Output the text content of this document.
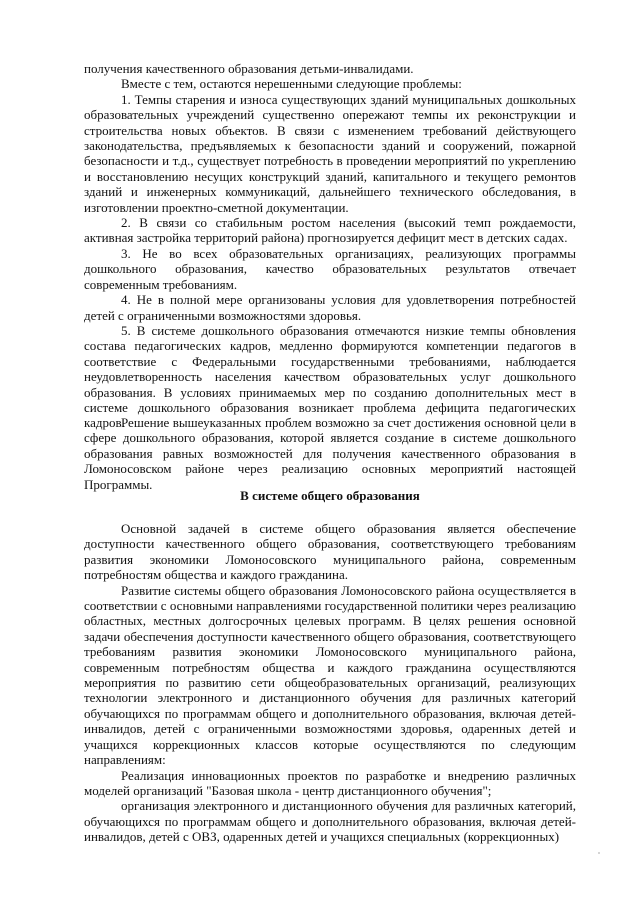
получения качественного образования детьми-инвалидами.

Вместе с тем, остаются нерешенными следующие проблемы:

1. Темпы старения и износа существующих зданий муниципальных дошкольных образовательных учреждений существенно опережают темпы их реконструкции и строительства новых объектов. В связи с изменением требований действующего законодательства, предъявляемых к безопасности зданий и сооружений, пожарной безопасности и т.д., существует потребность в проведении мероприятий по укреплению и восстановлению несущих конструкций зданий, капитального и текущего ремонтов зданий и инженерных коммуникаций, дальнейшего технического обследования, в изготовлении проектно-сметной документации.

2. В связи со стабильным ростом населения (высокий темп рождаемости, активная застройка территорий района) прогнозируется дефицит мест в детских садах.

3. Не во всех образовательных организациях, реализующих программы дошкольного образования, качество образовательных результатов отвечает современным требованиям.

4. Не в полной мере организованы условия для удовлетворения потребностей детей с ограниченными возможностями здоровья.

5. В системе дошкольного образования отмечаются низкие темпы обновления состава педагогических кадров, медленно формируются компетенции педагогов в соответствие с Федеральными государственными требованиями, наблюдается неудовлетворенность населения качеством образовательных услуг дошкольного образования. В условиях принимаемых мер по созданию дополнительных мест в системе дошкольного образования возникает проблема дефицита педагогических кадров.

Решение вышеуказанных проблем возможно за счет достижения основной цели в сфере дошкольного образования, которой является создание в системе дошкольного образования равных возможностей для получения качественного образования в Ломоносовском районе через реализацию основных мероприятий настоящей Программы.

В системе общего образования

Основной задачей в системе общего образования является обеспечение доступности качественного общего образования, соответствующего требованиям развития экономики Ломоносовского муниципального района, современным потребностям общества и каждого гражданина.

Развитие системы общего образования Ломоносовского района осуществляется в соответствии с основными направлениями государственной политики через реализацию областных, местных долгосрочных целевых программ. В целях решения основной задачи обеспечения доступности качественного общего образования, соответствующего требованиям развития экономики Ломоносовского муниципального района, современным потребностям общества и каждого гражданина осуществляются мероприятия по развитию сети общеобразовательных организаций, реализующих технологии электронного и дистанционного обучения для различных категорий обучающихся по программам общего и дополнительного образования, включая детей-инвалидов, детей с ограниченными возможностями здоровья, одаренных детей и учащихся коррекционных классов которые осуществляются по следующим направлениям:

Реализация инновационных проектов по разработке и внедрению различных моделей организаций "Базовая школа - центр дистанционного обучения";

организация электронного и дистанционного обучения для различных категорий, обучающихся по программам общего и дополнительного образования, включая детей-инвалидов, детей с ОВЗ, одаренных детей и учащихся специальных (коррекционных)
